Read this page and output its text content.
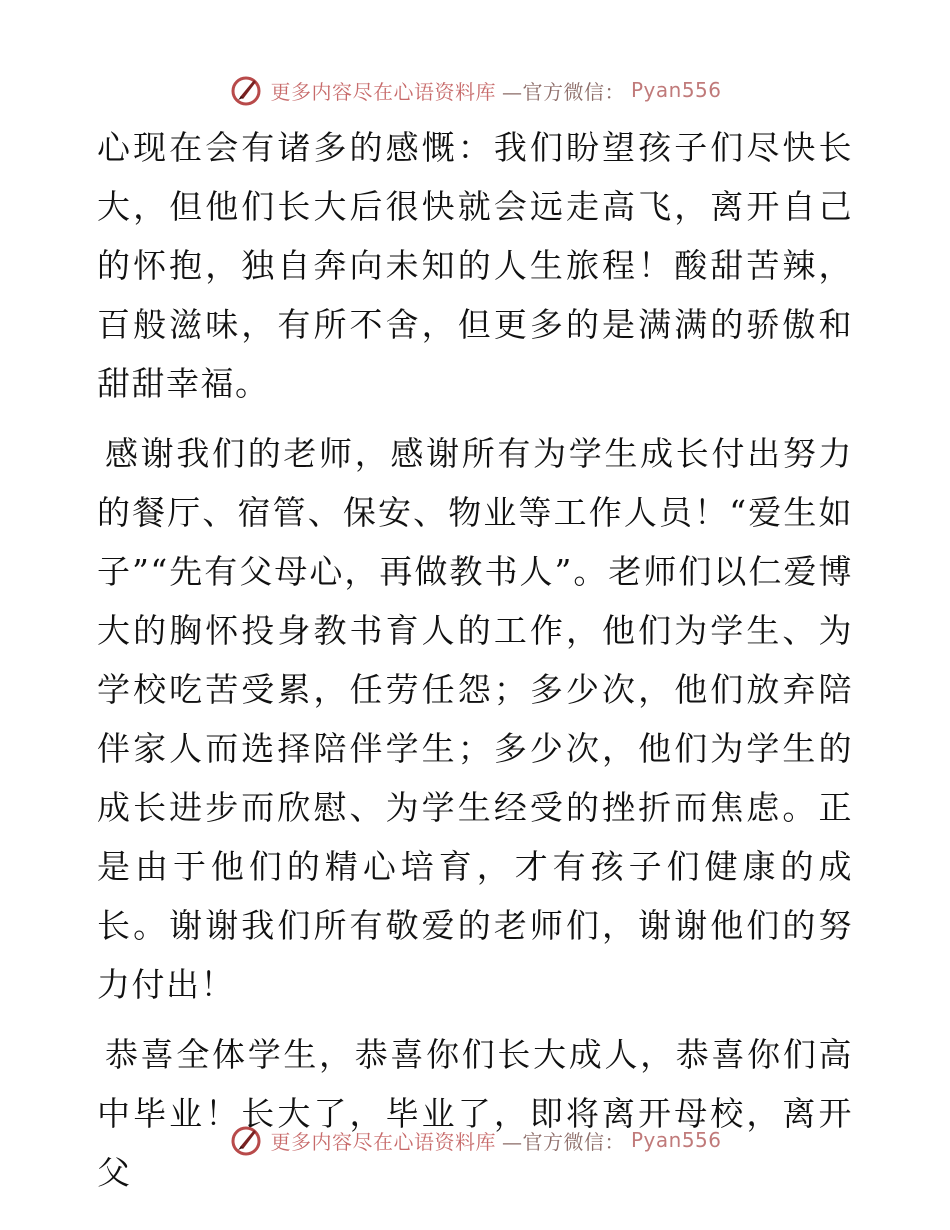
更多内容尽在心语资料库 —官方微信： Pyan556

心现在会有诸多的感慨：我们盼望孩子们尽快长大，但他们长大后很快就会远走高飞，离开自己的怀抱，独自奔向未知的人生旅程！酸甜苦辣，百般滋味，有所不舍，但更多的是满满的骄傲和甜甜幸福。

感谢我们的老师，感谢所有为学生成长付出努力的餐厅、宿管、保安、物业等工作人员！“爱生如子”“先有父母心，再做教书人”。老师们以仁爱博大的胸怀投身教书育人的工作，他们为学生、为学校吃苦受累，任劳任怨；多少次，他们放弃陪伴家人而选择陪伴学生；多少次，他们为学生的成长进步而欣慰、为学生经受的挫折而焦虑。正是由于他们的精心培育，才有孩子们健康的成长。谢谢我们所有敬爱的老师们，谢谢他们的努力付出！

恭喜全体学生，恭喜你们长大成人，恭喜你们高中毕业！长大了，毕业了，即将离开母校，离开父

更多内容尽在心语资料库 —官方微信： Pyan556
